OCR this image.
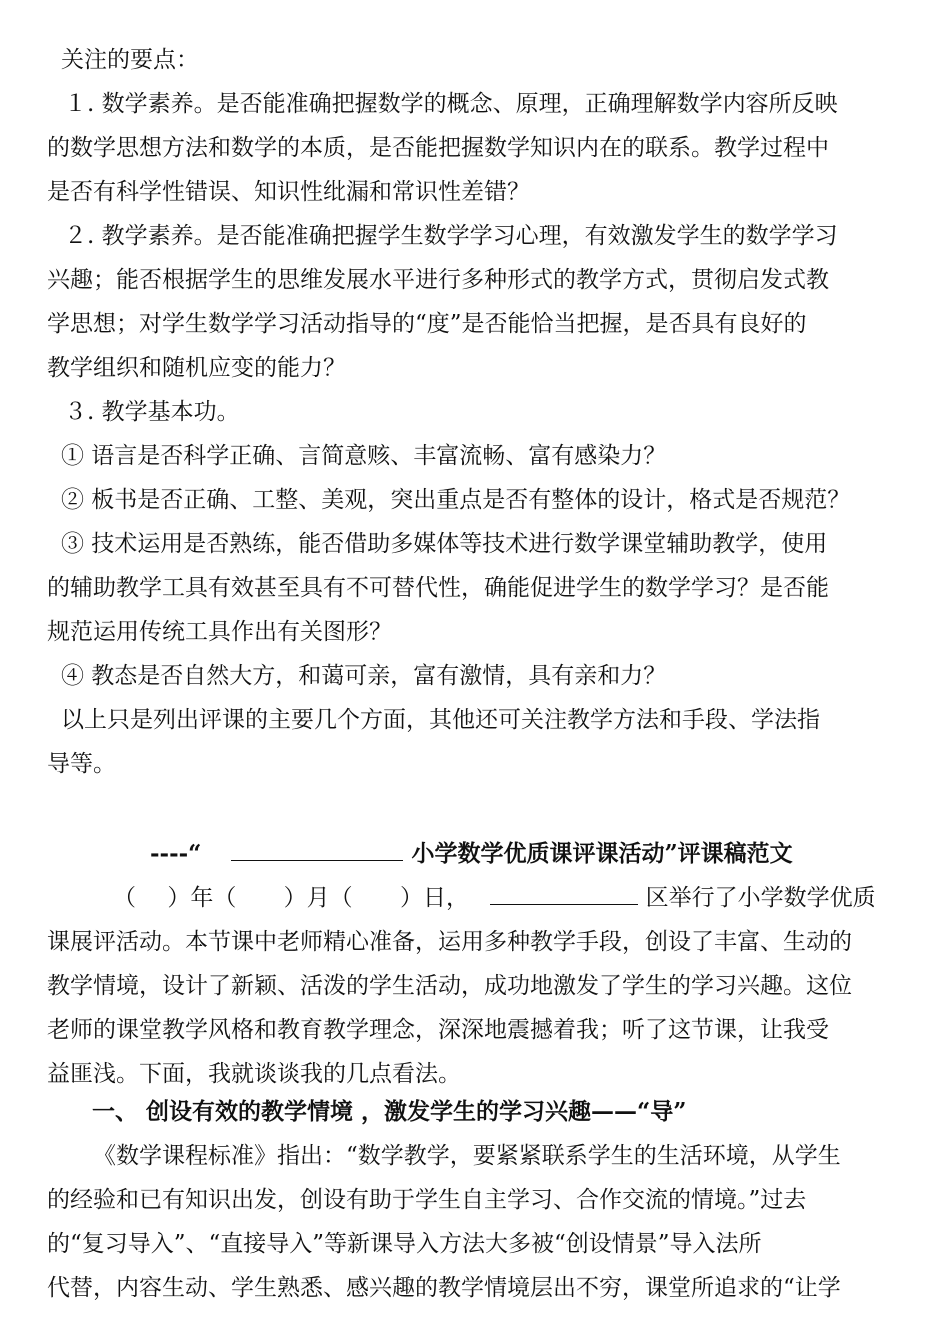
关注的要点：

１. 数学素养。是否能准确把握数学的概念、原理，正确理解数学内容所反映
的数学思想方法和数学的本质，是否能把握数学知识内在的联系。教学过程中
是否有科学性错误、知识性纰漏和常识性差错？

２. 教学素养。是否能准确把握学生数学学习心理，有效激发学生的数学学习
兴趣；能否根据学生的思维发展水平进行多种形式的教学方式，贯彻启发式教
学思想；对学生数学学习活动指导的“度”是否能恰当把握，是否具有良好的
教学组织和随机应变的能力？

３. 教学基本功。

① 语言是否科学正确、言简意赅、丰富流畅、富有感染力？

② 板书是否正确、工整、美观，突出重点是否有整体的设计，格式是否规范？

③ 技术运用是否熟练，能否借助多媒体等技术进行数学课堂辅助教学，使用
的辅助教学工具有效甚至具有不可替代性，确能促进学生的数学学习？是否能
规范运用传统工具作出有关图形？

④ 教态是否自然大方，和蔼可亲，富有激情，具有亲和力？

以上只是列出评课的主要几个方面，其他还可关注教学方法和手段、学法指
导等。

----“	小学数学优质课评课活动”评课稿范文

（ ）年（ ）月（ ）日，	区举行了小学数学优质
课展评活动。本节课中老师精心准备，运用多种教学手段，创设了丰富、生动的
教学情境，设计了新颖、活泼的学生活动，成功地激发了学生的学习兴趣。这位
老师的课堂教学风格和教育教学理念，深深地震撼着我；听了这节课，让我受
益匪浅。下面，我就谈谈我的几点看法。

一、 创设有效的教学情境 ，激发学生的学习兴趣——“导”

《数学课程标准》指出：“数学教学，要紧紧联系学生的生活环境，从学生
的经验和已有知识出发，创设有助于学生自主学习、合作交流的情境。”过去
的“复习导入”、“直接导入”等新课导入方法大多被“创设情景”导入法所
代替，内容生动、学生熟悉、感兴趣的教学情境层出不穷，课堂所追求的“让学
